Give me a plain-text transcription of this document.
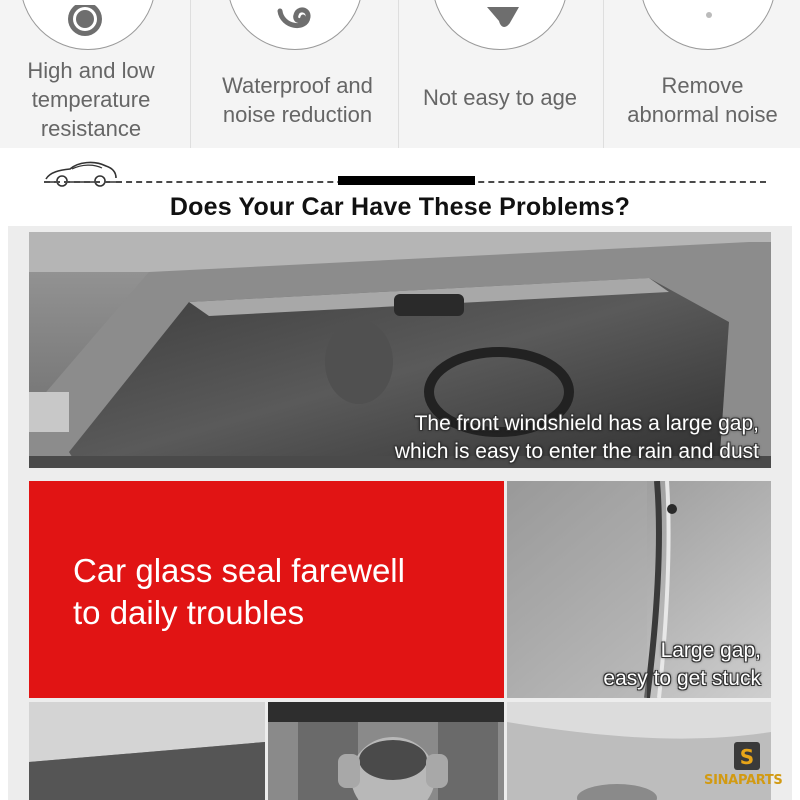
High and low
temperature
resistance
Waterproof and
noise reduction
Not easy to age	Remove
abnormal noise
Does Your Car Have These Problems?
The front windshield has a large gap,
which is easy to enter the rain and dust
Car glass seal farewell
to daily troubles
Large gap,
easy to get stuck
S
SINAPARTS
